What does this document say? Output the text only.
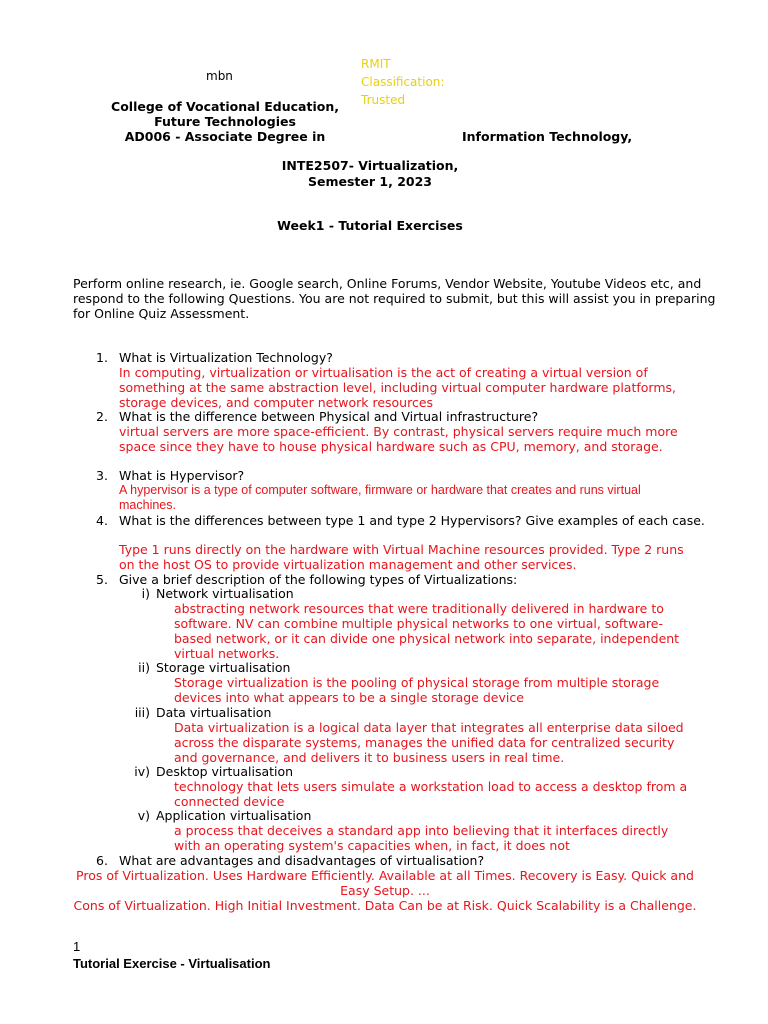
mbn
RMIT Classification: Trusted
College of Vocational Education,
Future Technologies
AD006 - Associate Degree in	Information Technology,
INTE2507- Virtualization,
Semester 1, 2023
Week1 - Tutorial Exercises
Perform online research, ie. Google search, Online Forums, Vendor Website, Youtube Videos etc, and respond to the following Questions. You are not required to submit, but this will assist you in preparing for Online Quiz Assessment.
1. What is Virtualization Technology?
In computing, virtualization or virtualisation is the act of creating a virtual version of something at the same abstraction level, including virtual computer hardware platforms, storage devices, and computer network resources
2. What is the difference between Physical and Virtual infrastructure?
virtual servers are more space-efficient. By contrast, physical servers require much more space since they have to house physical hardware such as CPU, memory, and storage.
3. What is Hypervisor?
A hypervisor is a type of computer software, firmware or hardware that creates and runs virtual machines.
4. What is the differences between type 1 and type 2 Hypervisors? Give examples of each case.
Type 1 runs directly on the hardware with Virtual Machine resources provided. Type 2 runs on the host OS to provide virtualization management and other services.
5. Give a brief description of the following types of Virtualizations:
i) Network virtualisation
abstracting network resources that were traditionally delivered in hardware to software. NV can combine multiple physical networks to one virtual, software-based network, or it can divide one physical network into separate, independent virtual networks.
ii) Storage virtualisation
Storage virtualization is the pooling of physical storage from multiple storage devices into what appears to be a single storage device
iii) Data virtualisation
Data virtualization is a logical data layer that integrates all enterprise data siloed across the disparate systems, manages the unified data for centralized security and governance, and delivers it to business users in real time.
iv) Desktop virtualisation
technology that lets users simulate a workstation load to access a desktop from a connected device
v) Application virtualisation
a process that deceives a standard app into believing that it interfaces directly with an operating system's capacities when, in fact, it does not
6. What are advantages and disadvantages of virtualisation?
Pros of Virtualization. Uses Hardware Efficiently. Available at all Times. Recovery is Easy. Quick and Easy Setup. ...
Cons of Virtualization. High Initial Investment. Data Can be at Risk. Quick Scalability is a Challenge.
1
Tutorial Exercise - Virtualisation
